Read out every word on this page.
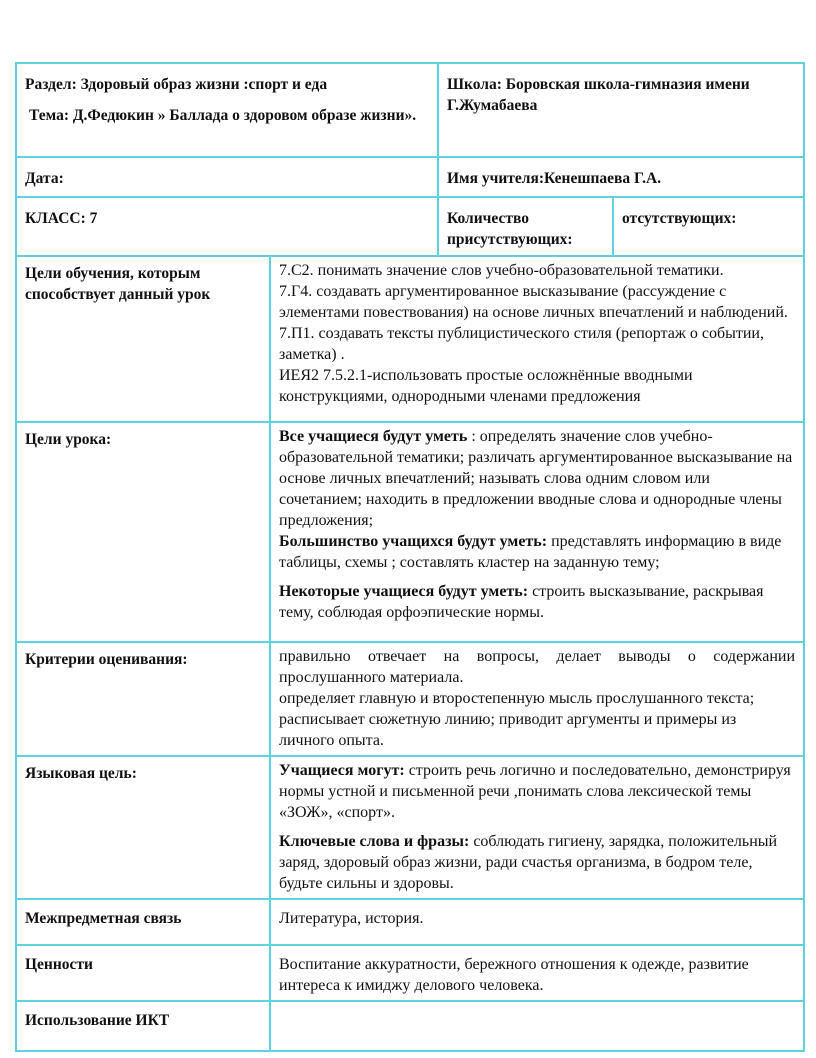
Раздел: Здоровый образ жизни :спорт и еда

Тема: Д.Федюкин » Баллада о здоровом образе жизни».		Школа: Боровская школа-гимназия имени Г.Жумабаева	

Дата:		Имя учителя:Кенешпаева Г.А.	
КЛАСС: 7		Количество присутствующих:	отсутствующих:
Цели обучения, которым способствует данный урок	7.С2. понимать значение слов учебно-образовательной тематики.

7.Г4. создавать аргументированное высказывание (рассуждение с элементами повествования) на основе личных впечатлений и наблюдений.

7.П1. создавать тексты публицистического стиля (репортаж о событии, заметка) .

ИЕЯ2 7.5.2.1-использовать простые осложнённые вводными конструкциями, однородными членами предложения		

Цели урока:	Все учащиеся будут уметь : определять значение слов учебно-образовательной тематики; различать аргументированное высказывание на основе личных впечатлений; называть слова одним словом или сочетанием; находить в предложении вводные слова и однородные члены предложения;

Большинство учащихся будут уметь: представлять информацию в виде таблицы, схемы ; составлять кластер на заданную тему;

Некоторые учащиеся будут уметь: строить высказывание, раскрывая тему, соблюдая орфоэпические нормы.		

Критерии оценивания:	правильно отвечает на вопросы, делает выводы о содержании прослушанного материала.

определяет главную и второстепенную мысль прослушанного текста; расписывает сюжетную линию; приводит аргументы и примеры из личного опыта.		

Языковая цель:	Учащиеся могут: строить речь логично и последовательно, демонстрируя нормы устной и письменной речи ,понимать слова лексической темы «ЗОЖ», «спорт».

Ключевые слова и фразы: соблюдать гигиену, зарядка, положительный заряд, здоровый образ жизни, ради счастья организма, в бодром теле, будьте сильны и здоровы.		

Межпредметная связь	Литература, история.		
Ценности	Воспитание аккуратности, бережного отношения к одежде, развитие интереса к имиджу делового человека.		
Использование ИКТ			
